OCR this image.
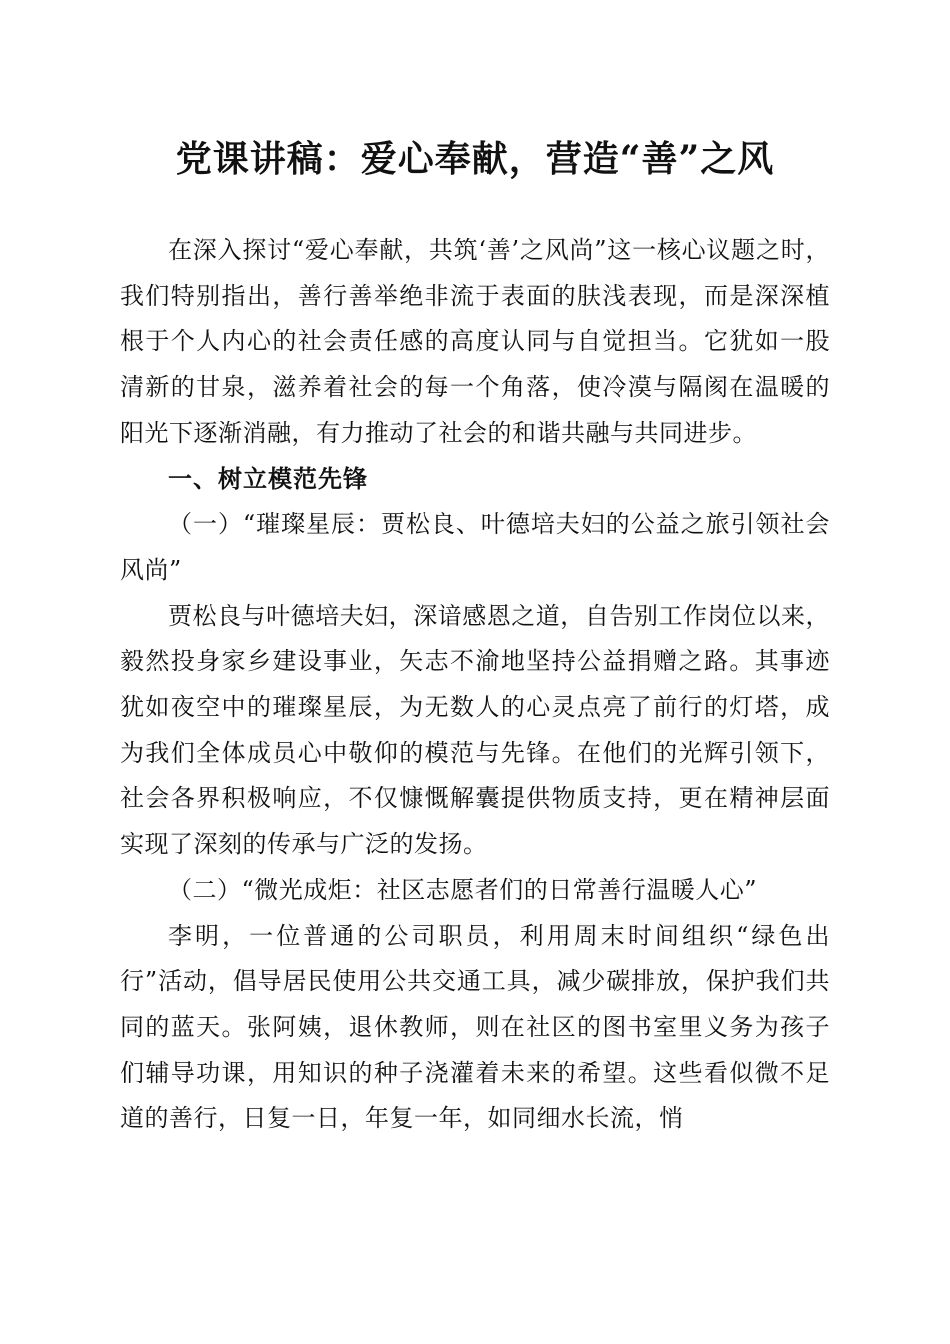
党课讲稿：爱心奉献，营造“善”之风

在深入探讨“爱心奉献，共筑‘善’之风尚”这一核心议题之时，我们特别指出，善行善举绝非流于表面的肤浅表现，而是深深植根于个人内心的社会责任感的高度认同与自觉担当。它犹如一股清新的甘泉，滋养着社会的每一个角落，使冷漠与隔阂在温暖的阳光下逐渐消融，有力推动了社会的和谐共融与共同进步。

一、树立模范先锋

（一）“璀璨星辰：贾松良、叶德培夫妇的公益之旅引领社会风尚”

贾松良与叶德培夫妇，深谙感恩之道，自告别工作岗位以来，毅然投身家乡建设事业，矢志不渝地坚持公益捐赠之路。其事迹犹如夜空中的璀璨星辰，为无数人的心灵点亮了前行的灯塔，成为我们全体成员心中敬仰的模范与先锋。在他们的光辉引领下，社会各界积极响应，不仅慷慨解囊提供物质支持，更在精神层面实现了深刻的传承与广泛的发扬。

（二）“微光成炬：社区志愿者们的日常善行温暖人心”

李明，一位普通的公司职员，利用周末时间组织“绿色出行”活动，倡导居民使用公共交通工具，减少碳排放，保护我们共同的蓝天。张阿姨，退休教师，则在社区的图书室里义务为孩子们辅导功课，用知识的种子浇灌着未来的希望。这些看似微不足道的善行，日复一日，年复一年，如同细水长流，悄
